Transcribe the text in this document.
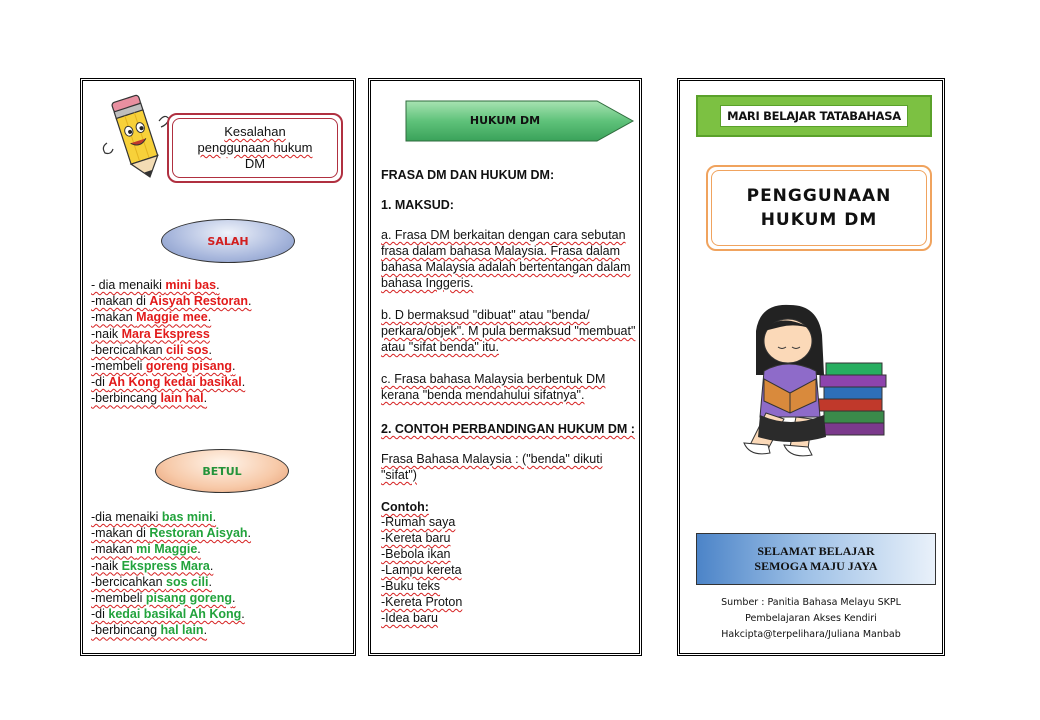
Kesalahan
penggunaan hukum
DM
SALAH
- dia menaiki mini bas.
-makan di Aisyah Restoran.
-makan Maggie mee.
-naik Mara Ekspress
-bercicahkan cili sos.
-membeli goreng pisang.
-di Ah Kong kedai basikal.
-berbincang lain hal.
BETUL
-dia menaiki bas mini.
-makan di Restoran Aisyah.
-makan mi Maggie.
-naik Ekspress Mara.
-bercicahkan sos cili.
-membeli pisang goreng.
-di kedai basikal Ah Kong.
-berbincang hal lain.
HUKUM DM
FRASA DM DAN HUKUM DM:
1. MAKSUD:
a. Frasa DM berkaitan dengan cara sebutan frasa dalam bahasa Malaysia. Frasa dalam bahasa Malaysia adalah bertentangan dalam bahasa Inggeris.
b. D bermaksud "dibuat" atau "benda/ perkara/objek". M pula bermaksud "membuat" atau "sifat benda" itu.
c. Frasa bahasa Malaysia berbentuk DM kerana "benda mendahului sifatnya".
2. CONTOH PERBANDINGAN HUKUM DM :
Frasa Bahasa Malaysia : ("benda" dikuti "sifat")
Contoh:
-Rumah saya
-Kereta baru
-Bebola ikan
-Lampu kereta
-Buku teks
-Kereta Proton
-Idea baru
MARI BELAJAR TATABAHASA
PENGGUNAAN
HUKUM DM
SELAMAT BELAJAR
SEMOGA MAJU JAYA
Sumber : Panitia Bahasa Melayu SKPL
Pembelajaran Akses Kendiri
Hakcipta@terpelihara/Juliana Manbab
